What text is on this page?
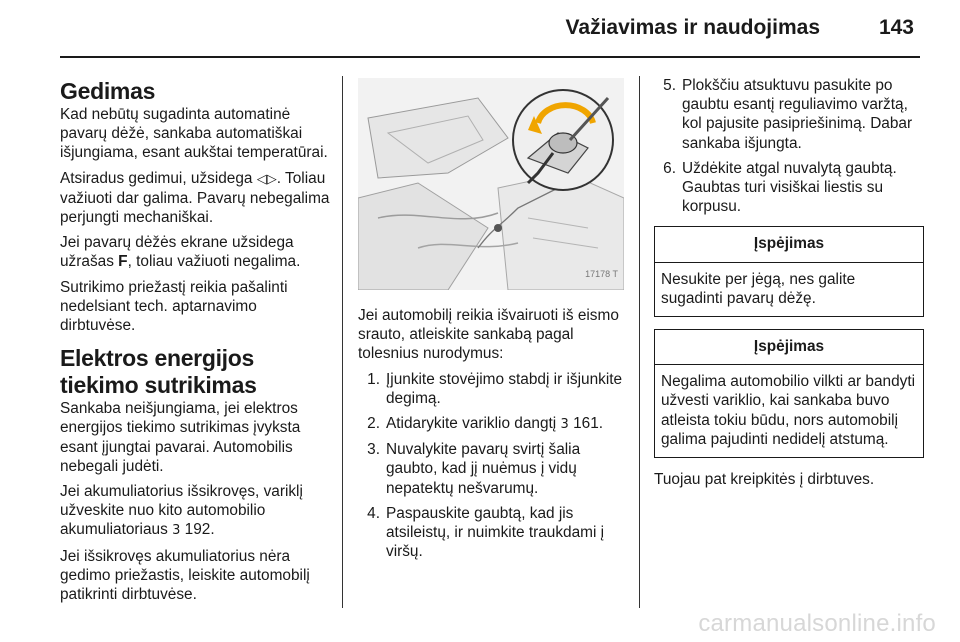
Važiavimas ir naudojimas	143
Gedimas

Kad nebūtų sugadinta automatinė pavarų dėžė, sankaba automatiškai išjungiama, esant aukštai temperatūrai.

Atsiradus gedimui, užsidega ◁▷. Toliau važiuoti dar galima. Pavarų nebegalima perjungti mechaniškai.

Jei pavarų dėžės ekrane užsidega užrašas F, toliau važiuoti negalima.

Sutrikimo priežastį reikia pašalinti nedelsiant tech. aptarnavimo dirbtuvėse.

Elektros energijos tiekimo sutrikimas

Sankaba neišjungiama, jei elektros energijos tiekimo sutrikimas įvyksta esant įjungtai pavarai. Automobilis nebegali judėti.

Jei akumuliatorius išsikrovęs, variklį užveskite nuo kito automobilio akumuliatoriaus 3 192.

Jei išsikrovęs akumuliatorius nėra gedimo priežastis, leiskite automobilį patikrinti dirbtuvėse.

17178 T

Jei automobilį reikia išvairuoti iš eismo srauto, atleiskite sankabą pagal tolesnius nurodymus:

1. Įjunkite stovėjimo stabdį ir išjunkite degimą.
2. Atidarykite variklio dangtį 3 161.
3. Nuvalykite pavarų svirtį šalia gaubto, kad jį nuėmus į vidų nepatektų nešvarumų.
4. Paspauskite gaubtą, kad jis atsileistų, ir nuimkite traukdami į viršų.
5. Plokščiu atsuktuvu pasukite po gaubtu esantį reguliavimo varžtą, kol pajusite pasipriešinimą. Dabar sankaba išjungta.
6. Uždėkite atgal nuvalytą gaubtą. Gaubtas turi visiškai liestis su korpusu.
Įspėjimas
Nesukite per jėgą, nes galite sugadinti pavarų dėžę.
Įspėjimas
Negalima automobilio vilkti ar bandyti užvesti variklio, kai sankaba buvo atleista tokiu būdu, nors automobilį galima pajudinti nedidelį atstumą.

Tuojau pat kreipkitės į dirbtuves.

carmanualsonline.info
